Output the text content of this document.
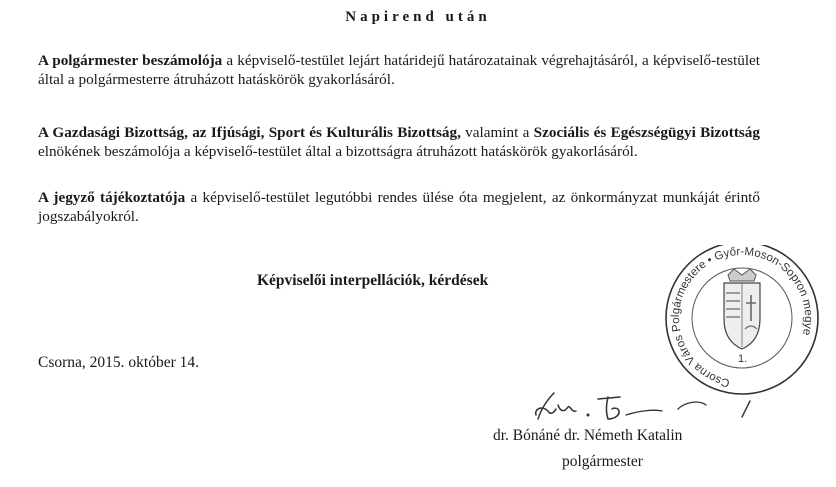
Napirend után
A polgármester beszámolója a képviselő-testület lejárt határidejű határozatainak végrehajtásáról, a képviselő-testület által a polgármesterre átruházott hatáskörök gyakorlásáról.
A Gazdasági Bizottság, az Ifjúsági, Sport és Kulturális Bizottság, valamint a Szociális és Egészségügyi Bizottság elnökének beszámolója a képviselő-testület által a bizottságra átruházott hatáskörök gyakorlásáról.
A jegyző tájékoztatója a képviselő-testület legutóbbi rendes ülése óta megjelent, az önkormányzat munkáját érintő jogszabályokról.
Képviselői interpellációk, kérdések
Csorna, 2015. október 14.
Csorna Város Polgármestere • Győr-Moson-Sopron megye
1.
dr. Bónáné dr. Németh Katalin
polgármester
